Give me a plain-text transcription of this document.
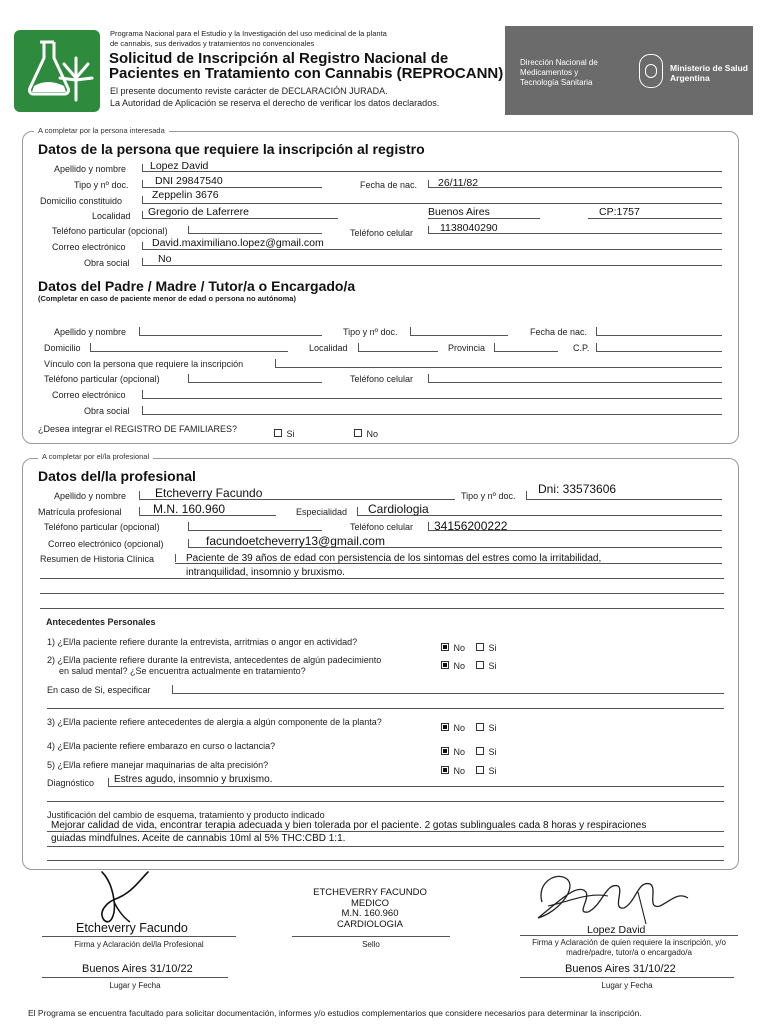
Programa Nacional para el Estudio y la Investigación del uso medicinal de la planta
de cannabis, sus derivados y tratamientos no convencionales
Solicitud de Inscripción al Registro Nacional de
Pacientes en Tratamiento con Cannabis (REPROCANN)
El presente documento reviste carácter de DECLARACIÓN JURADA.
La Autoridad de Aplicación se reserva el derecho de verificar los datos declarados.
Dirección Nacional de
Medicamentos y
Tecnología Sanitaria
Ministerio de Salud
Argentina
A completar por la persona interesada
Datos de la persona que requiere la inscripción al registro
Apellido y nombre Lopez David
Tipo y nº doc.	DNI 29847540	Fecha de nac. 26/11/82
Domicilio constituido	Zeppelin 3676
Localidad Gregorio de Laferrere	Buenos Aires	CP:1757
Teléfono particular (opcional)	Teléfono celular	1138040290
Correo electrónico	David.maximiliano.lopez@gmail.com
Obra social	No
Datos del Padre / Madre / Tutor/a o Encargado/a
(Completar en caso de paciente menor de edad o persona no autónoma)
Apellido y nombre	Tipo y nº doc.	Fecha de nac.
Domicilio	Localidad	Provincia	C.P.
Vínculo con la persona que requiere la inscripción
Teléfono particular (opcional)	Teléfono celular
Correo electrónico
Obra social
¿Desea integrar el REGISTRO DE FAMILIARES?	Si	No
A completar por el/la profesional
Datos del/la profesional
Apellido y nombre Etcheverry Facundo	Tipo y nº doc. Dni: 33573606
Matrícula profesional	M.N. 160.960	Especialidad Cardiologia
Teléfono particular (opcional)	Teléfono celular 34156200222
Correo electrónico (opcional)	facundoetcheverry13@gmail.com
Resumen de Historia Clínica	Paciente de 39 años de edad con persistencia de los sintomas del estres como la irritabilidad,
intranquilidad, insomnio y bruxismo.
Antecedentes Personales
1) ¿El/la paciente refiere durante la entrevista, arritmias o angor en actividad?
No	Si
2) ¿El/la paciente refiere durante la entrevista, antecedentes de algún padecimiento
en salud mental? ¿Se encuentra actualmente en tratamiento?	No	Si
En caso de Si, especificar
3) ¿El/la paciente refiere antecedentes de alergia a algún componente de la planta?
No	Si
4) ¿El/la paciente refiere embarazo en curso o lactancia?
No	Si
5) ¿El/la refiere manejar maquinarias de alta precisión?
No	Si
Diagnóstico Estres agudo, insomnio y bruxismo.
Justificación del cambio de esquema, tratamiento y producto indicado
Mejorar calidad de vida, encontrar terapia adecuada y bien tolerada por el paciente. 2 gotas sublinguales cada 8 horas y respiraciones
guiadas mindfulnes. Aceite de cannabis 10ml al 5% THC:CBD 1:1.
Etcheverry Facundo
Firma y Aclaración del/la Profesional
Buenos Aires 31/10/22
Lugar y Fecha
ETCHEVERRY FACUNDO
MEDICO
M.N. 160.960
CARDIOLOGIA
Sello
Lopez David
Firma y Aclaración de quien requiere la inscripción, y/o
madre/padre, tutor/a o encargado/a
Buenos Aires 31/10/22
Lugar y Fecha
El Programa se encuentra facultado para solicitar documentación, informes y/o estudios complementarios que considere necesarios para determinar la inscripción.
